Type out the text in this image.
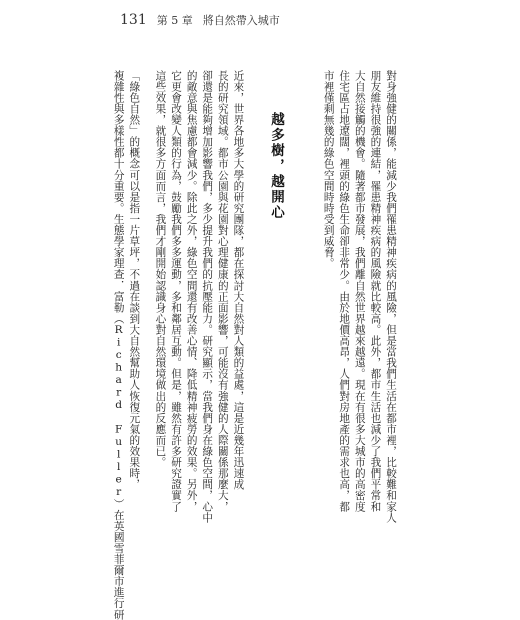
131 第 5 章 將自然帶入城市
對身強健的關係，能減少我們罹患精神疾病的風險，但是當我們生活在都市裡，比較難和家人
朋友維持很強的連結，罹患精神疾病的風險就比較高。此外，都市生活也減少了我們平常和
大自然接觸的機會。隨著都市發展，我們離自然世界越來越遠。現在有很多大城市的高密度
住宅區占地遼闊，裡頭的綠色生命卻非常少。由於地價高昂，人們對房地產的需求也高，都
市裡僅剩無幾的綠色空間時時受到威脅。
越多樹，越開心
近來，世界各地多大學的研究團隊，都在探討大自然對人類的益處，這是近幾年迅速成
長的研究領域。都市公園與花園對心理健康的正面影響，可能沒有強健的人際關係那麼大，
卻還是能夠增加影響我們，多少提升我們的抗壓能力。研究顯示，當我們身在綠色空間，心中
的敵意與焦慮都會減少。除此之外，綠色空間還有改善心情、降低精神疲勞的效果。另外，
它更會改變人類的行為，鼓勵我們多多運動，多和鄰居互動。但是，雖然有許多研究證實了
這些效果，就很多方面而言，我們才剛開始認識身心對自然環境做出的反應而已。
「綠色自然」的概念可以是指一片草坪，不過在談到大自然幫助人恢復元氣的效果時，
複雜性與多樣性都十分重要。生態學家理查．富勒（Richard Fuller）在英國雪菲爾市進行研
